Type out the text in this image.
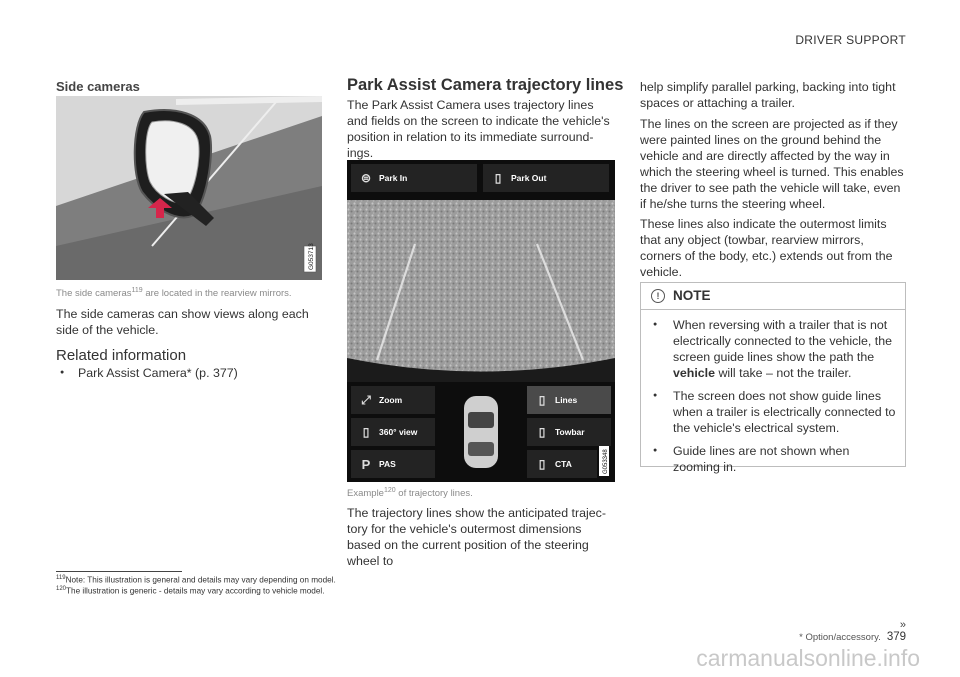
DRIVER SUPPORT
Side cameras
G053713
The side cameras$^{119}$ are located in the rearview mirrors.
The side cameras can show views along each side of the vehicle.
Related information
● Park Assist Camera* (p. 377)
Park Assist Camera trajectory lines
The Park Assist Camera uses trajectory lines and fields on the screen to indicate the vehicle's position in relation to its immediate surround-ings.
G053348
⊜ Park In	▯	Park Out
⤢ Zoom
▯	360° view
P	PAS
▯	Lines
▯	Towbar
▯	CTA
Example$^{120}$ of trajectory lines.
The trajectory lines show the anticipated trajec-tory for the vehicle's outermost dimensions based on the current position of the steering wheel to
help simplify parallel parking, backing into tight spaces or attaching a trailer.
The lines on the screen are projected as if they were painted lines on the ground behind the vehicle and are directly affected by the way in which the steering wheel is turned. This enables the driver to see path the vehicle will take, even if he/she turns the steering wheel.
These lines also indicate the outermost limits that any object (towbar, rearview mirrors, corners of the body, etc.) extends out from the vehicle.
!	NOTE
● When reversing with a trailer that is not electrically connected to the vehicle, the screen guide lines show the path the vehicle will take – not the trailer.
● The screen does not show guide lines when a trailer is electrically connected to the vehicle's electrical system.
● Guide lines are not shown when zooming in.
$^{119}$Note: This illustration is general and details may vary depending on model.
$^{120}$The illustration is generic - details may vary according to vehicle model.
»
* Option/accessory. 379
carmanualsonline.info
